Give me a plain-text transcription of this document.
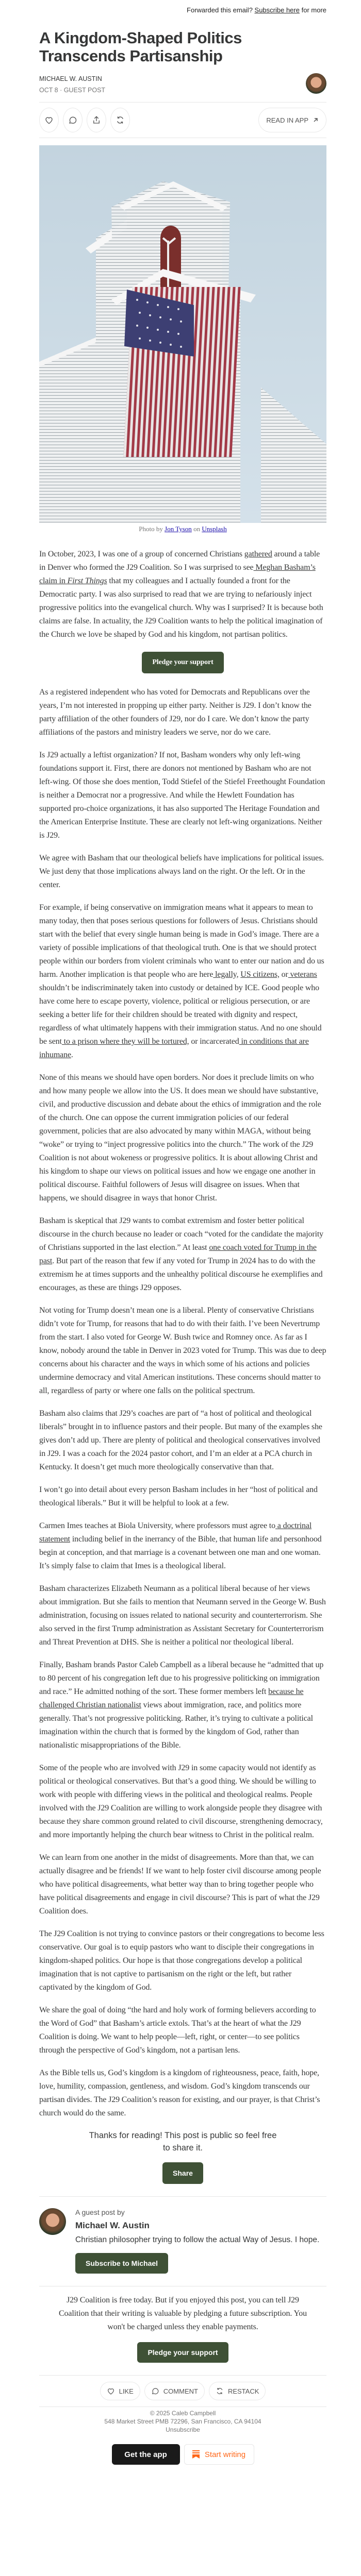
Forwarded this email? Subscribe here for more
A Kingdom-Shaped Politics Transcends Partisanship
MICHAEL W. AUSTIN
OCT 8 · GUEST POST
READ IN APP
Photo by Jon Tyson on Unsplash

In October, 2023, I was one of a group of concerned Christians gathered around a table in Denver who formed the J29 Coalition. So I was surprised to see Meghan Basham’s claim in First Things that my colleagues and I actually founded a front for the Democratic party. I was also surprised to read that we are trying to nefariously inject progressive politics into the evangelical church. Why was I surprised? It is because both claims are false. In actuality, the J29 Coalition wants to help the political imagination of the Church we love be shaped by God and his kingdom, not partisan politics.

Pledge your support

As a registered independent who has voted for Democrats and Republicans over the years, I’m not interested in propping up either party. Neither is J29. I don’t know the party affiliation of the other founders of J29, nor do I care. We don’t know the party affiliations of the pastors and ministry leaders we serve, nor do we care.

Is J29 actually a leftist organization? If not, Basham wonders why only left-wing foundations support it. First, there are donors not mentioned by Basham who are not left-wing. Of those she does mention, Todd Stiefel of the Stiefel Freethought Foundation is neither a Democrat nor a progressive. And while the Hewlett Foundation has supported pro-choice organizations, it has also supported The Heritage Foundation and the American Enterprise Institute. These are clearly not left-wing organizations. Neither is J29.

We agree with Basham that our theological beliefs have implications for political issues. We just deny that those implications always land on the right. Or the left. Or in the center.

For example, if being conservative on immigration means what it appears to mean to many today, then that poses serious questions for followers of Jesus. Christians should start with the belief that every single human being is made in God’s image. There are a variety of possible implications of that theological truth. One is that we should protect people within our borders from violent criminals who want to enter our nation and do us harm. Another implication is that people who are here legally, US citizens, or veterans shouldn’t be indiscriminately taken into custody or detained by ICE. Good people who have come here to escape poverty, violence, political or religious persecution, or are seeking a better life for their children should be treated with dignity and respect, regardless of what ultimately happens with their immigration status. And no one should be sent to a prison where they will be tortured, or incarcerated in conditions that are inhumane.

None of this means we should have open borders. Nor does it preclude limits on who and how many people we allow into the US. It does mean we should have substantive, civil, and productive discussion and debate about the ethics of immigration and the role of the church. One can oppose the current immigration policies of our federal government, policies that are also advocated by many within MAGA, without being “woke” or trying to “inject progressive politics into the church.” The work of the J29 Coalition is not about wokeness or progressive politics. It is about allowing Christ and his kingdom to shape our views on political issues and how we engage one another in political discourse. Faithful followers of Jesus will disagree on issues. When that happens, we should disagree in ways that honor Christ.

Basham is skeptical that J29 wants to combat extremism and foster better political discourse in the church because no leader or coach “voted for the candidate the majority of Christians supported in the last election.” At least one coach voted for Trump in the past. But part of the reason that few if any voted for Trump in 2024 has to do with the extremism he at times supports and the unhealthy political discourse he exemplifies and encourages, as these are things J29 opposes.

Not voting for Trump doesn’t mean one is a liberal. Plenty of conservative Christians didn’t vote for Trump, for reasons that had to do with their faith. I’ve been Nevertrump from the start. I also voted for George W. Bush twice and Romney once. As far as I know, nobody around the table in Denver in 2023 voted for Trump. This was due to deep concerns about his character and the ways in which some of his actions and policies undermine democracy and vital American institutions. These concerns should matter to all, regardless of party or where one falls on the political spectrum.

Basham also claims that J29’s coaches are part of “a host of political and theological liberals” brought in to influence pastors and their people. But many of the examples she gives don’t add up. There are plenty of political and theological conservatives involved in J29. I was a coach for the 2024 pastor cohort, and I’m an elder at a PCA church in Kentucky. It doesn’t get much more theologically conservative than that.

I won’t go into detail about every person Basham includes in her “host of political and theological liberals.” But it will be helpful to look at a few.

Carmen Imes teaches at Biola University, where professors must agree to a doctrinal statement including belief in the inerrancy of the Bible, that human life and personhood begin at conception, and that marriage is a covenant between one man and one woman. It’s simply false to claim that Imes is a theological liberal.

Basham characterizes Elizabeth Neumann as a political liberal because of her views about immigration. But she fails to mention that Neumann served in the George W. Bush administration, focusing on issues related to national security and counterterrorism. She also served in the first Trump administration as Assistant Secretary for Counterterrorism and Threat Prevention at DHS. She is neither a political nor theological liberal.

Finally, Basham brands Pastor Caleb Campbell as a liberal because he “admitted that up to 80 percent of his congregation left due to his progressive politicking on immigration and race.” He admitted nothing of the sort. These former members left because he challenged Christian nationalist views about immigration, race, and politics more generally. That’s not progressive politicking. Rather, it’s trying to cultivate a political imagination within the church that is formed by the kingdom of God, rather than nationalistic misappropriations of the Bible.

Some of the people who are involved with J29 in some capacity would not identify as political or theological conservatives. But that’s a good thing. We should be willing to work with people with differing views in the political and theological realms. People involved with the J29 Coalition are willing to work alongside people they disagree with because they share common ground related to civil discourse, strengthening democracy, and more importantly helping the church bear witness to Christ in the political realm.

We can learn from one another in the midst of disagreements. More than that, we can actually disagree and be friends! If we want to help foster civil discourse among people who have political disagreements, what better way than to bring together people who have political disagreements and engage in civil discourse? This is part of what the J29 Coalition does.

The J29 Coalition is not trying to convince pastors or their congregations to become less conservative. Our goal is to equip pastors who want to disciple their congregations in kingdom-shaped politics. Our hope is that those congregations develop a political imagination that is not captive to partisanism on the right or the left, but rather captivated by the kingdom of God.

We share the goal of doing “the hard and holy work of forming believers according to the Word of God” that Basham’s article extols. That’s at the heart of what the J29 Coalition is doing. We want to help people—left, right, or center—to see politics through the perspective of God’s kingdom, not a partisan lens.

As the Bible tells us, God’s kingdom is a kingdom of righteousness, peace, faith, hope, love, humility, compassion, gentleness, and wisdom. God’s kingdom transcends our partisan divides. The J29 Coalition’s reason for existing, and our prayer, is that Christ’s church would do the same.

Thanks for reading! This post is public so feel free to share it.
Share
A guest post by
Michael W. Austin
Christian philosopher trying to follow the actual Way of Jesus. I hope.
Subscribe to Michael
J29 Coalition is free today. But if you enjoyed this post, you can tell J29 Coalition that their writing is valuable by pledging a future subscription. You won't be charged unless they enable payments.
Pledge your support
LIKE	COMMENT	RESTACK
© 2025 Caleb Campbell
548 Market Street PMB 72296, San Francisco, CA 94104
Unsubscribe
Get the app	Start writing
